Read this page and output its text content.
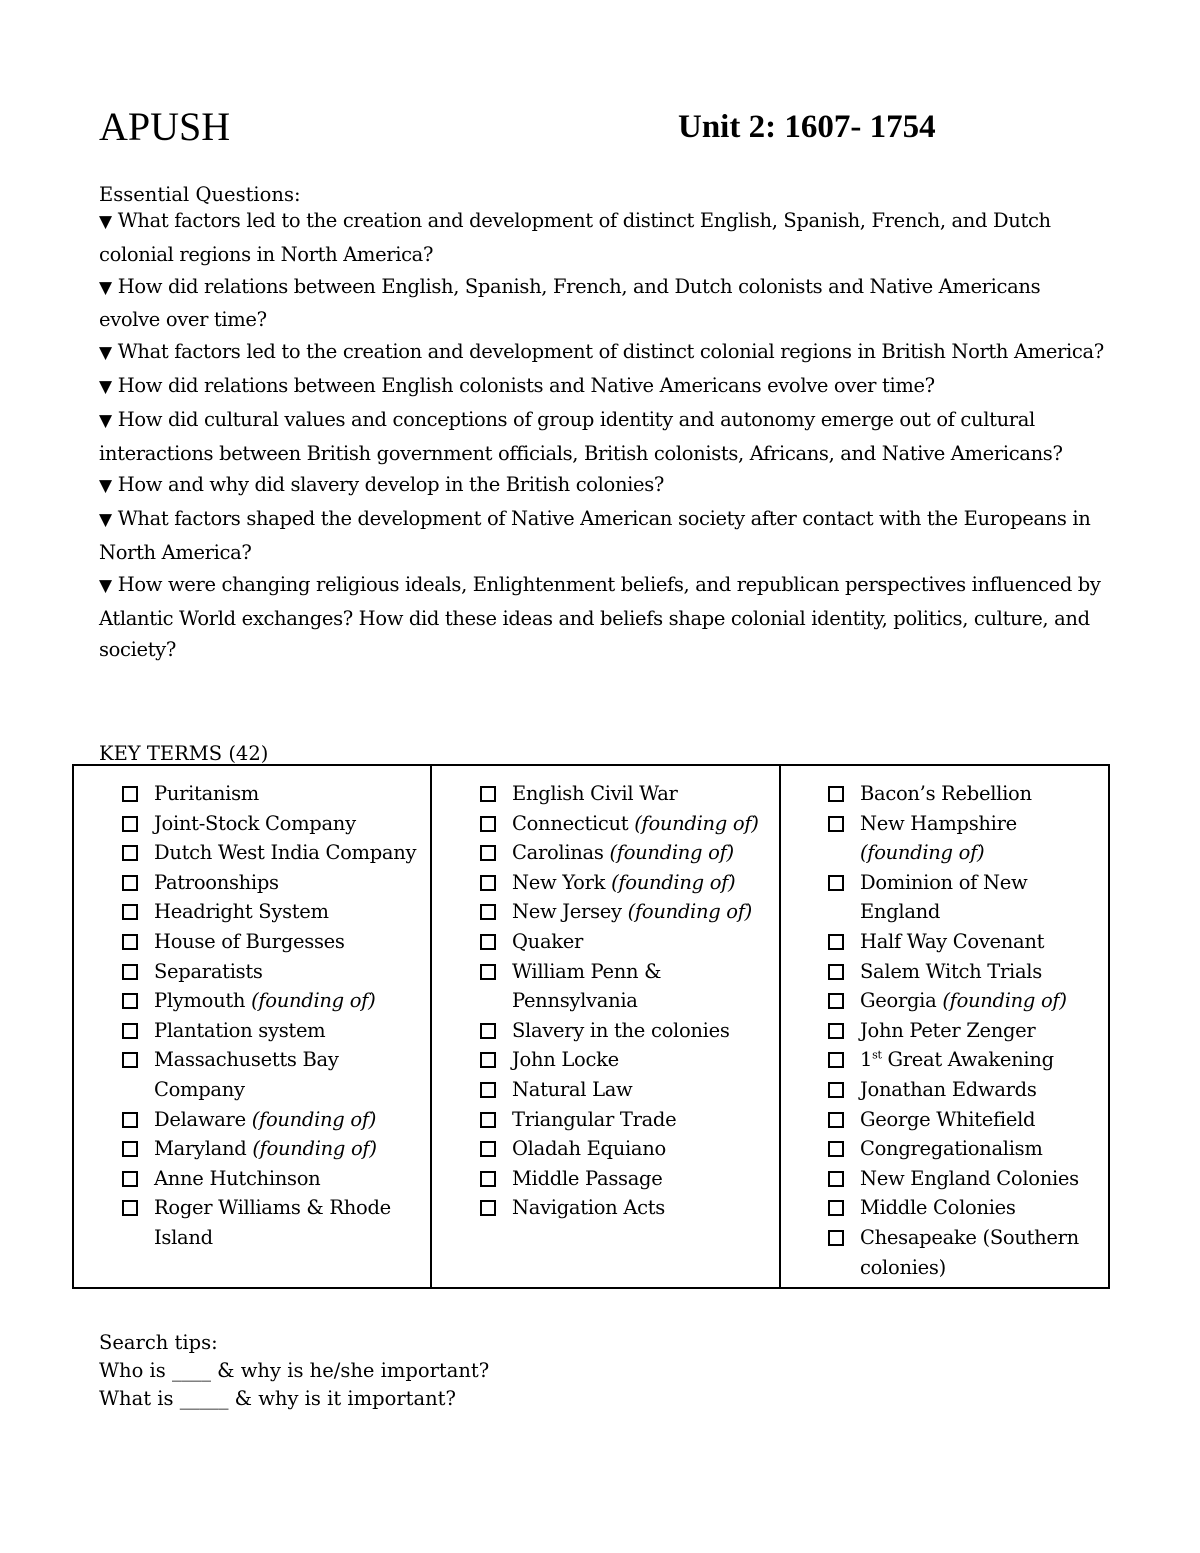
APUSH	Unit 2: 1607- 1754
Essential Questions:
▼ What factors led to the creation and development of distinct English, Spanish, French, and Dutch colonial regions in North America?
▼ How did relations between English, Spanish, French, and Dutch colonists and Native Americans evolve over time?
▼ What factors led to the creation and development of distinct colonial regions in British North America?
▼ How did relations between English colonists and Native Americans evolve over time?
▼ How did cultural values and conceptions of group identity and autonomy emerge out of cultural interactions between British government officials, British colonists, Africans, and Native Americans?
▼ How and why did slavery develop in the British colonies?
▼ What factors shaped the development of Native American society after contact with the Europeans in North America?
▼ How were changing religious ideals, Enlightenment beliefs, and republican perspectives influenced by Atlantic World exchanges? How did these ideas and beliefs shape colonial identity, politics, culture, and society?
KEY TERMS (42)
Puritanism
Joint-Stock Company
Dutch West India Company
Patroonships
Headright System
House of Burgesses
Separatists
Plymouth (founding of)
Plantation system
Massachusetts Bay Company
Delaware (founding of)
Maryland (founding of)
Anne Hutchinson
Roger Williams & Rhode Island
English Civil War
Connecticut (founding of)
Carolinas (founding of)
New York (founding of)
New Jersey (founding of)
Quaker
William Penn & Pennsylvania
Slavery in the colonies
John Locke
Natural Law
Triangular Trade
Oladah Equiano
Middle Passage
Navigation Acts
Bacon’s Rebellion
New Hampshire (founding of)
Dominion of New England
Half Way Covenant
Salem Witch Trials
Georgia (founding of)
John Peter Zenger
1st Great Awakening
Jonathan Edwards
George Whitefield
Congregationalism
New England Colonies
Middle Colonies
Chesapeake (Southern colonies)
Search tips:
Who is ____ & why is he/she important?
What is _____ & why is it important?
